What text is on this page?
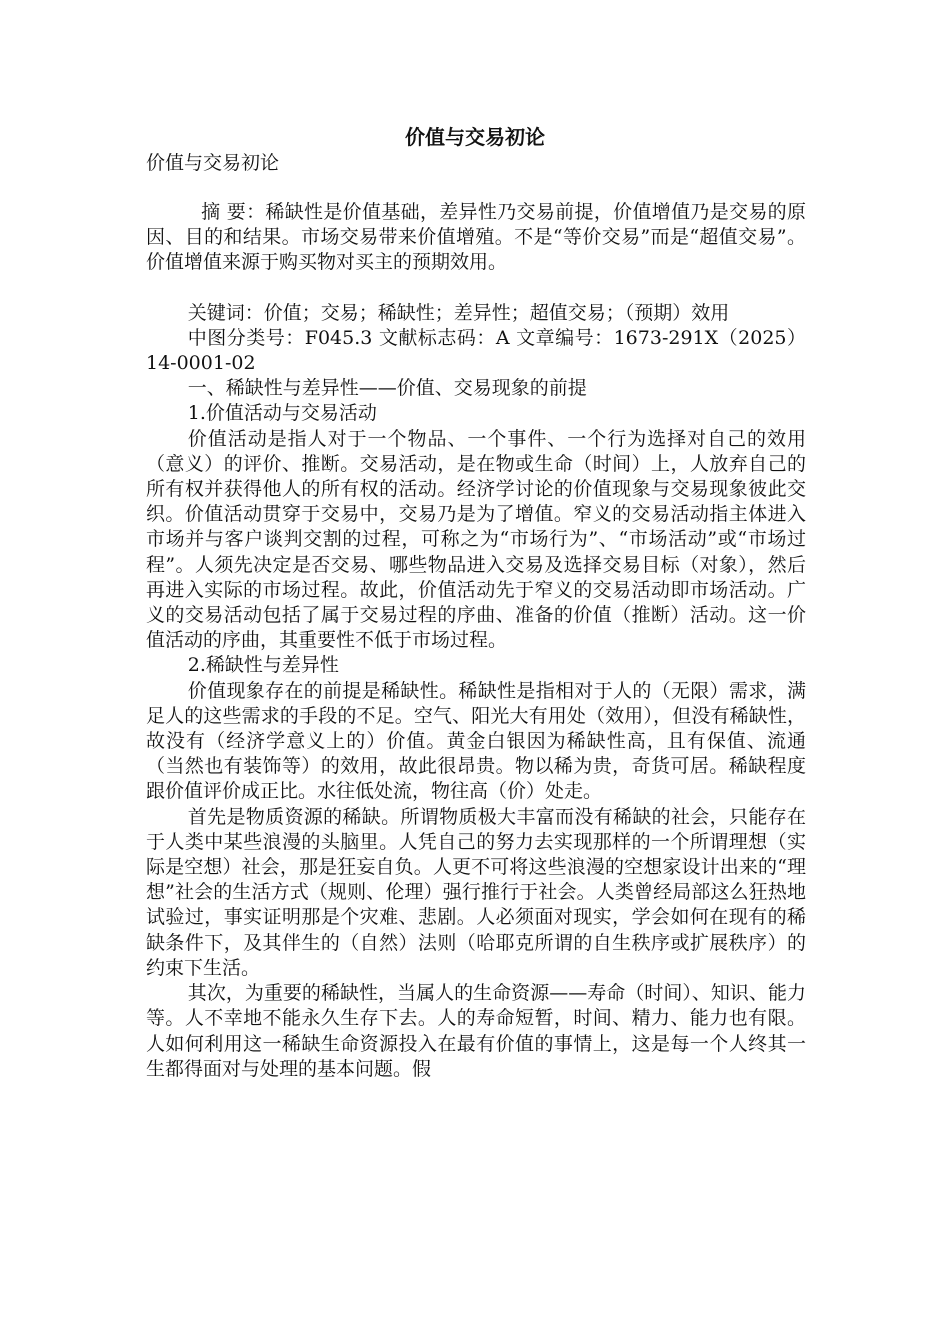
价值与交易初论
价值与交易初论

摘 要：稀缺性是价值基础，差异性乃交易前提，价值增值乃是交易的原因、目的和结果。市场交易带来价值增殖。不是“等价交易”而是“超值交易”。价值增值来源于购买物对买主的预期效用。

关键词：价值；交易；稀缺性；差异性；超值交易；（预期）效用

中图分类号：F045.3 文献标志码：A 文章编号：1673-291X（2025）14-0001-02

一、稀缺性与差异性——价值、交易现象的前提

1.价值活动与交易活动

价值活动是指人对于一个物品、一个事件、一个行为选择对自己的效用（意义）的评价、推断。交易活动，是在物或生命（时间）上，人放弃自己的所有权并获得他人的所有权的活动。经济学讨论的价值现象与交易现象彼此交织。价值活动贯穿于交易中，交易乃是为了增值。窄义的交易活动指主体进入市场并与客户谈判交割的过程，可称之为“市场行为”、“市场活动”或“市场过程”。人须先决定是否交易、哪些物品进入交易及选择交易目标（对象），然后再进入实际的市场过程。故此，价值活动先于窄义的交易活动即市场活动。广义的交易活动包括了属于交易过程的序曲、准备的价值（推断）活动。这一价值活动的序曲，其重要性不低于市场过程。

2.稀缺性与差异性

价值现象存在的前提是稀缺性。稀缺性是指相对于人的（无限）需求，满足人的这些需求的手段的不足。空气、阳光大有用处（效用），但没有稀缺性，故没有（经济学意义上的）价值。黄金白银因为稀缺性高，且有保值、流通（当然也有装饰等）的效用，故此很昂贵。物以稀为贵，奇货可居。稀缺程度跟价值评价成正比。水往低处流，物往高（价）处走。

首先是物质资源的稀缺。所谓物质极大丰富而没有稀缺的社会，只能存在于人类中某些浪漫的头脑里。人凭自己的努力去实现那样的一个所谓理想（实际是空想）社会，那是狂妄自负。人更不可将这些浪漫的空想家设计出来的“理想”社会的生活方式（规则、伦理）强行推行于社会。人类曾经局部这么狂热地试验过，事实证明那是个灾难、悲剧。人必须面对现实，学会如何在现有的稀缺条件下，及其伴生的（自然）法则（哈耶克所谓的自生秩序或扩展秩序）的约束下生活。

其次，为重要的稀缺性，当属人的生命资源——寿命（时间）、知识、能力等。人不幸地不能永久生存下去。人的寿命短暂，时间、精力、能力也有限。人如何利用这一稀缺生命资源投入在最有价值的事情上，这是每一个人终其一生都得面对与处理的基本问题。假
